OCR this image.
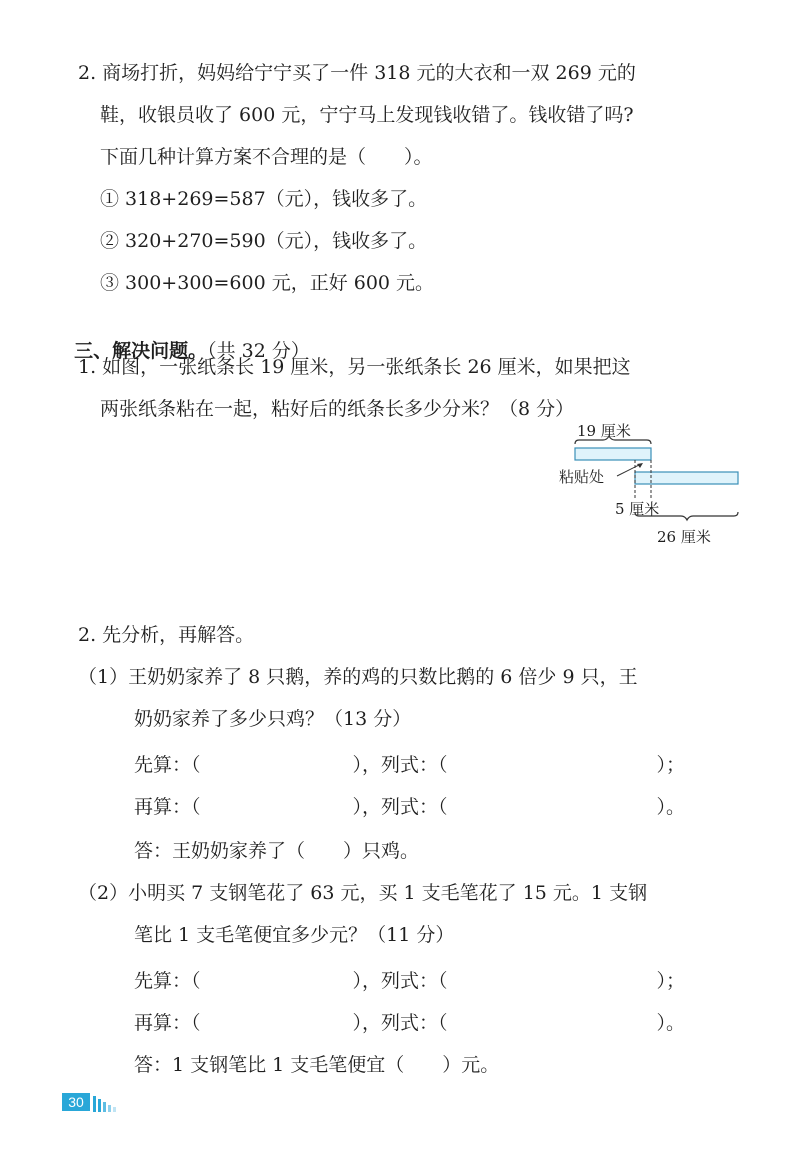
2. 商场打折，妈妈给宁宁买了一件 318 元的大衣和一双 269 元的
鞋，收银员收了 600 元，宁宁马上发现钱收错了。钱收错了吗?
下面几种计算方案不合理的是（　　）。
① 318+269=587（元），钱收多了。
② 320+270=590（元），钱收多了。
③ 300+300=600 元，正好 600 元。

三、解决问题。（共 32 分）

1. 如图，一张纸条长 19 厘米，另一张纸条长 26 厘米，如果把这
两张纸条粘在一起，粘好后的纸条长多少分米？（8 分）
19 厘米
粘贴处
5 厘米
26 厘米
2. 先分析，再解答。
（1）王奶奶家养了 8 只鹅，养的鸡的只数比鹅的 6 倍少 9 只，王
奶奶家养了多少只鸡？（13 分）
先算：（　　　　　　　　），列式：（　　　　　　　　　　　）；
再算：（　　　　　　　　），列式：（　　　　　　　　　　　）。
答：王奶奶家养了（　　）只鸡。
（2）小明买 7 支钢笔花了 63 元，买 1 支毛笔花了 15 元。1 支钢
笔比 1 支毛笔便宜多少元？（11 分）
先算：（　　　　　　　　），列式：（　　　　　　　　　　　）；
再算：（　　　　　　　　），列式：（　　　　　　　　　　　）。
答：1 支钢笔比 1 支毛笔便宜（　　）元。
30
